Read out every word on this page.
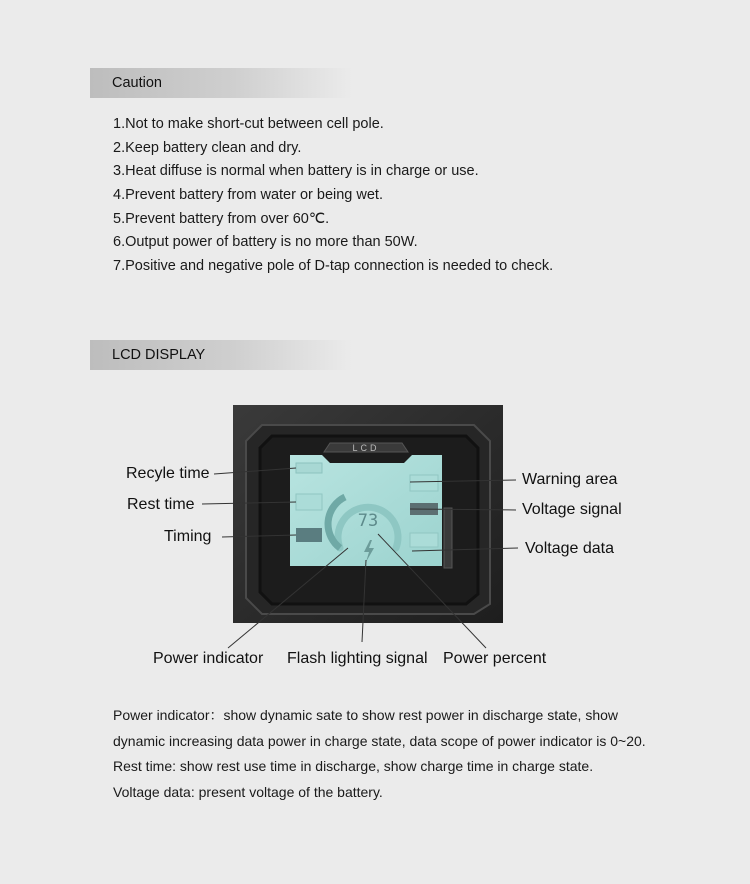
Caution
1.Not to make short-cut between cell pole.
2.Keep battery clean and dry.
3.Heat diffuse is normal when battery is in charge or use.
4.Prevent battery from water or being wet.
5.Prevent battery from over 60℃.
6.Output power of battery is no more than 50W.
7.Positive and negative pole of D-tap connection is needed to check.
LCD DISPLAY
LCD
73
Recyle time
Rest time
Timing
Warning area
Voltage signal
Voltage data
Power indicator Flash lighting signal Power percent
Power indicator：show dynamic sate to show rest power in discharge state, show
dynamic increasing data power in charge state, data scope of power indicator is 0~20.
Rest time: show rest use time in discharge, show charge time in charge state.
Voltage data: present voltage of the battery.
